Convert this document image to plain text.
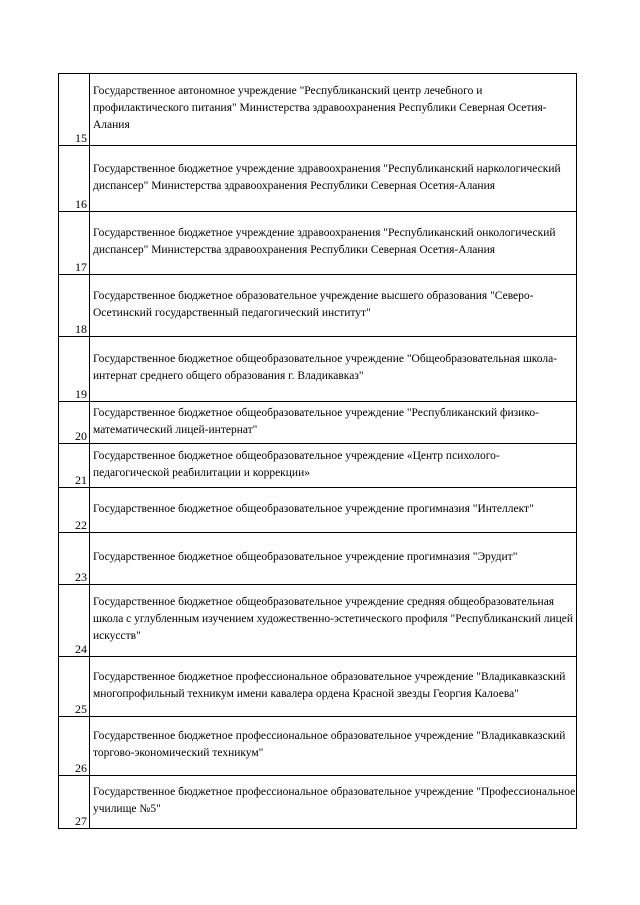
15	Государственное автономное учреждение "Республиканский центр лечебного и профилактического питания" Министерства здравоохранения Республики Северная Осетия-Алания

16	Государственное бюджетное учреждение здравоохранения "Республиканский наркологический диспансер" Министерства здравоохранения Республики Северная Осетия-Алания

17	Государственное бюджетное учреждение здравоохранения "Республиканский онкологический диспансер" Министерства здравоохранения Республики Северная Осетия-Алания

18	Государственное бюджетное образовательное учреждение высшего образования "Северо-Осетинский государственный педагогический институт"

19	Государственное бюджетное общеобразовательное учреждение "Общеобразовательная школа-интернат среднего общего образования г. Владикавказ"

20	Государственное бюджетное общеобразовательное учреждение "Республиканский физико-математический лицей-интернат"

21	Государственное бюджетное общеобразовательное учреждение «Центр психолого-педагогической реабилитации и коррекции»

22	Государственное бюджетное общеобразовательное учреждение прогимназия "Интеллект"

23	Государственное бюджетное общеобразовательное учреждение прогимназия "Эрудит"

24	Государственное бюджетное общеобразовательное учреждение средняя общеобразовательная школа с углубленным изучением художественно-эстетического профиля "Республиканский лицей искусств"

25	Государственное бюджетное профессиональное образовательное учреждение "Владикавказский многопрофильный техникум имени кавалера ордена Красной звезды Георгия Калоева"

26	Государственное бюджетное профессиональное образовательное учреждение "Владикавказский торгово-экономический техникум"

27	Государственное бюджетное профессиональное образовательное учреждение "Профессиональное училище №5"
